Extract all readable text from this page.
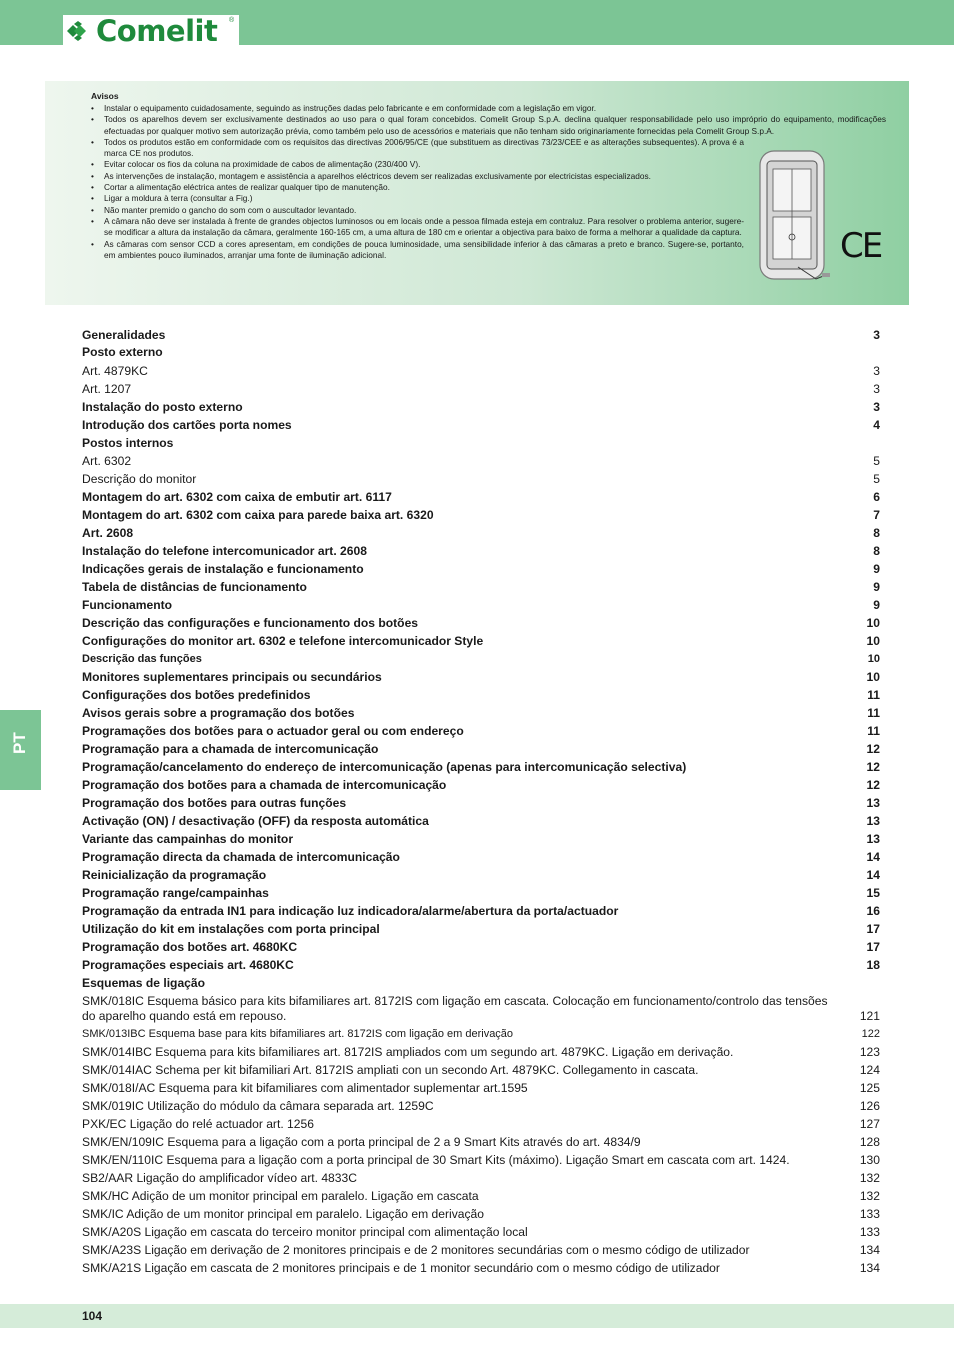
Comelit ®
Avisos
• Instalar o equipamento cuidadosamente, seguindo as instruções dadas pelo fabricante e em conformidade com a legislação em vigor.
• Todos os aparelhos devem ser exclusivamente destinados ao uso para o qual foram concebidos. Comelit Group S.p.A. declina qualquer responsabilidade pelo uso impróprio do equipamento, modificações efectuadas por qualquer motivo sem autorização prévia, como também pelo uso de acessórios e materiais que não tenham sido originariamente fornecidas pela Comelit Group S.p.A.
• Todos os produtos estão em conformidade com os requisitos das directivas 2006/95/CE (que substituem as directivas 73/23/CEE e as alterações subsequentes). A prova é a marca CE nos produtos.
• Evitar colocar os fios da coluna na proximidade de cabos de alimentação (230/400 V).
• As intervenções de instalação, montagem e assistência a aparelhos eléctricos devem ser realizadas exclusivamente por electricistas especializados.
• Cortar a alimentação eléctrica antes de realizar qualquer tipo de manutenção.
• Ligar a moldura à terra (consultar a Fig.)
• Não manter premido o gancho do som com o auscultador levantado.
• A câmara não deve ser instalada à frente de grandes objectos luminosos ou em locais onde a pessoa filmada esteja em contraluz. Para resolver o problema anterior, sugere-se modificar a altura da instalação da câmara, geralmente 160-165 cm, a uma altura de 180 cm e orientar a objectiva para baixo de forma a melhorar a qualidade da captura.
• As câmaras com sensor CCD a cores apresentam, em condições de pouca luminosidade, uma sensibilidade inferior à das câmaras a preto e branco. Sugere-se, portanto, em ambientes pouco iluminados, arranjar uma fonte de iluminação adicional.	CE
Generalidades	3
Posto externo
Art. 4879KC	3
Art. 1207	3
Instalação do posto externo	3
Introdução dos cartões porta nomes	4
Postos internos
Art. 6302	5
Descrição do monitor	5
Montagem do art. 6302 com caixa de embutir art. 6117	6
Montagem do art. 6302 com caixa para parede baixa art. 6320	7
Art. 2608	8
Instalação do telefone intercomunicador art. 2608	8
Indicações gerais de instalação e funcionamento	9
Tabela de distâncias de funcionamento	9
Funcionamento	9
Descrição das configurações e funcionamento dos botões	10
Configurações do monitor art. 6302 e telefone intercomunicador Style	10
Descrição das funções	10
Monitores suplementares principais ou secundários	10
Configurações dos botões predefinidos	11
Avisos gerais sobre a programação dos botões	11
Programações dos botões para o actuador geral ou com endereço	11
Programação para a chamada de intercomunicação	12
Programação/cancelamento do endereço de intercomunicação (apenas para intercomunicação selectiva)	12
Programação dos botões para a chamada de intercomunicação	12
Programação dos botões para outras funções	13
Activação (ON) / desactivação (OFF) da resposta automática	13
Variante das campainhas do monitor	13
Programação directa da chamada de intercomunicação	14
Reinicialização da programação	14
Programação range/campainhas	15
Programação da entrada IN1 para indicação luz indicadora/alarme/abertura da porta/actuador	16
Utilização do kit em instalações com porta principal	17
Programação dos botões art. 4680KC	17
Programações especiais art. 4680KC	18
Esquemas de ligação
SMK/018IC Esquema básico para kits bifamiliares art. 8172IS com ligação em cascata. Colocação em funcionamento/controlo das tensões do aparelho quando está em repouso.	121
SMK/013IBC Esquema base para kits bifamiliares art. 8172IS com ligação em derivação	122
SMK/014IBC Esquema para kits bifamiliares art. 8172IS ampliados com um segundo art. 4879KC. Ligação em derivação.	123
SMK/014IAC Schema per kit bifamiliari Art. 8172IS ampliati con un secondo Art. 4879KC. Collegamento in cascata.	124
SMK/018I/AC Esquema para kit bifamiliares com alimentador suplementar art.1595	125
SMK/019IC Utilização do módulo da câmara separada art. 1259C	126
PXK/EC Ligação do relé actuador art. 1256	127
SMK/EN/109IC Esquema para a ligação com a porta principal de 2 a 9 Smart Kits através do art. 4834/9	128
SMK/EN/110IC Esquema para a ligação com a porta principal de 30 Smart Kits (máximo). Ligação Smart em cascata com art. 1424.	130
SB2/AAR Ligação do amplificador vídeo art. 4833C	132
SMK/HC Adição de um monitor principal em paralelo. Ligação em cascata	132
SMK/IC Adição de um monitor principal em paralelo. Ligação em derivação	133
SMK/A20S Ligação em cascata do terceiro monitor principal com alimentação local	133
SMK/A23S Ligação em derivação de 2 monitores principais e de 2 monitores secundárias com o mesmo código de utilizador	134
SMK/A21S Ligação em cascata de 2 monitores principais e de 1 monitor secundário com o mesmo código de utilizador	134
PT
104
